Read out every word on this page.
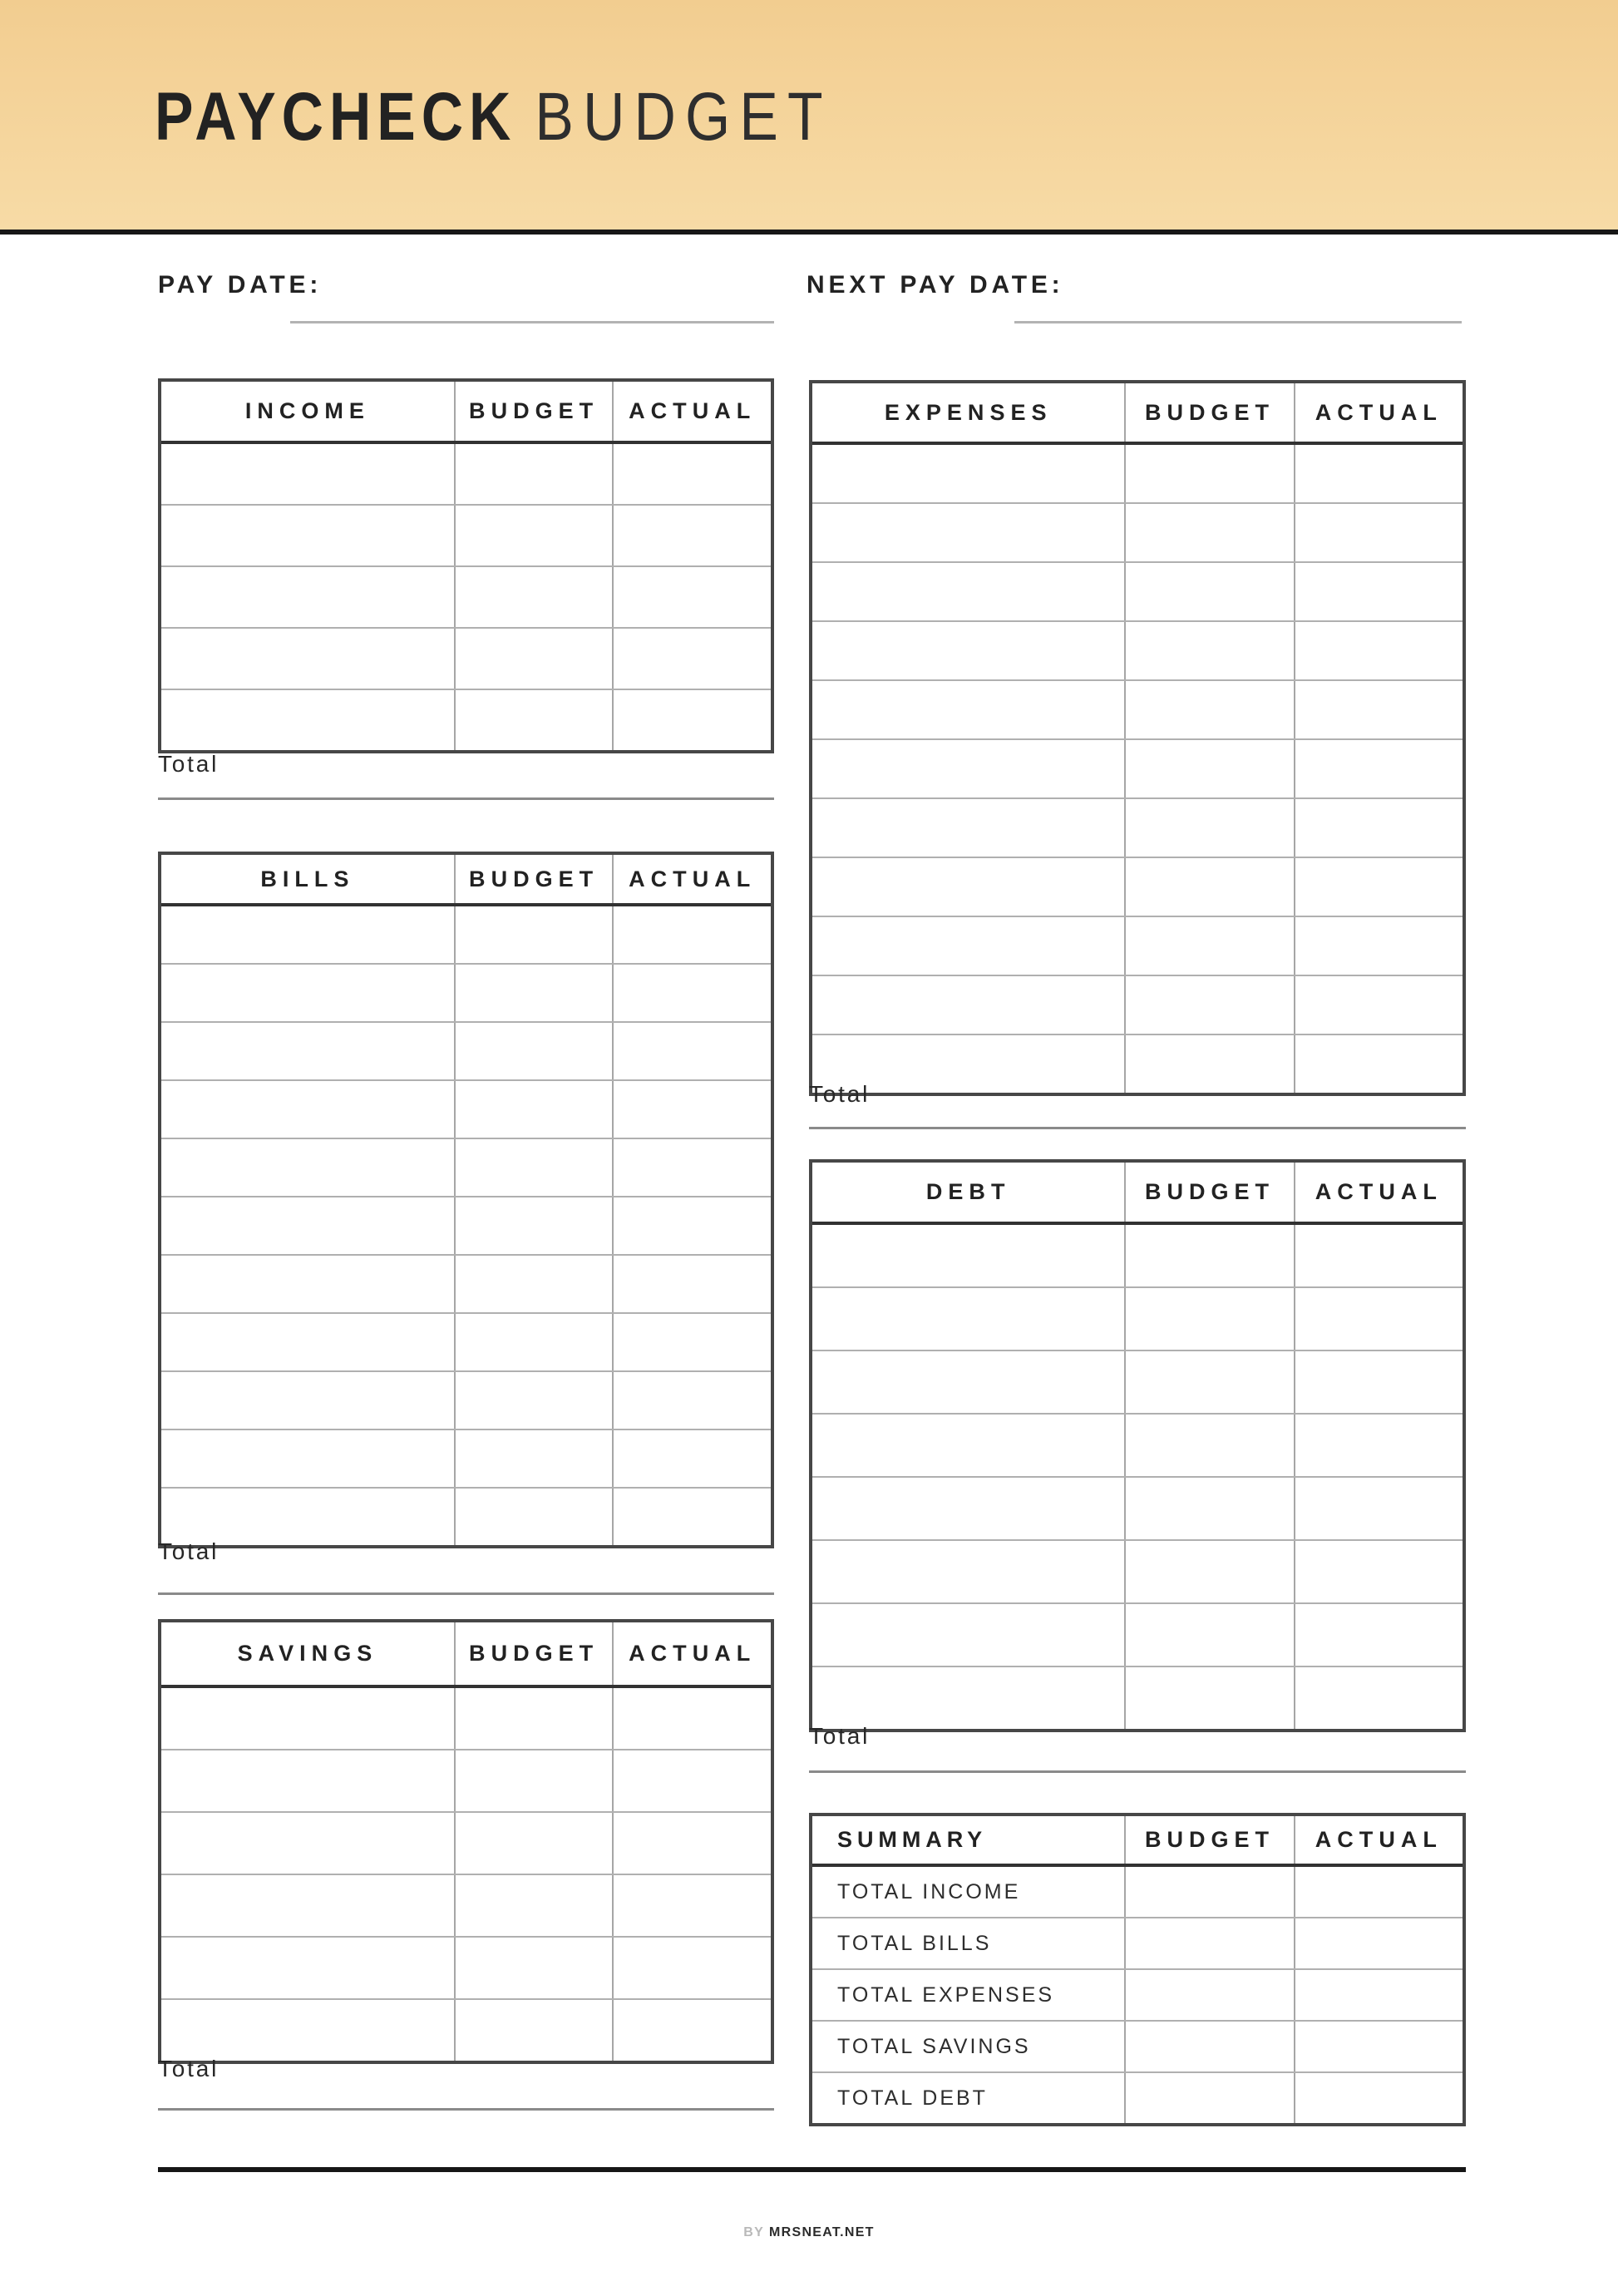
PAYCHECK BUDGET
PAY DATE:	NEXT PAY DATE:
INCOME	BUDGET	ACTUAL
BILLS	BUDGET	ACTUAL
SAVINGS	BUDGET	ACTUAL
EXPENSES	BUDGET	ACTUAL
DEBT	BUDGET	ACTUAL
SUMMARY	BUDGET	ACTUAL
TOTAL INCOME
TOTAL BILLS
TOTAL EXPENSES
TOTAL SAVINGS
TOTAL DEBT
Total
Total
Total
Total
Total
BY MRSNEAT.NET
